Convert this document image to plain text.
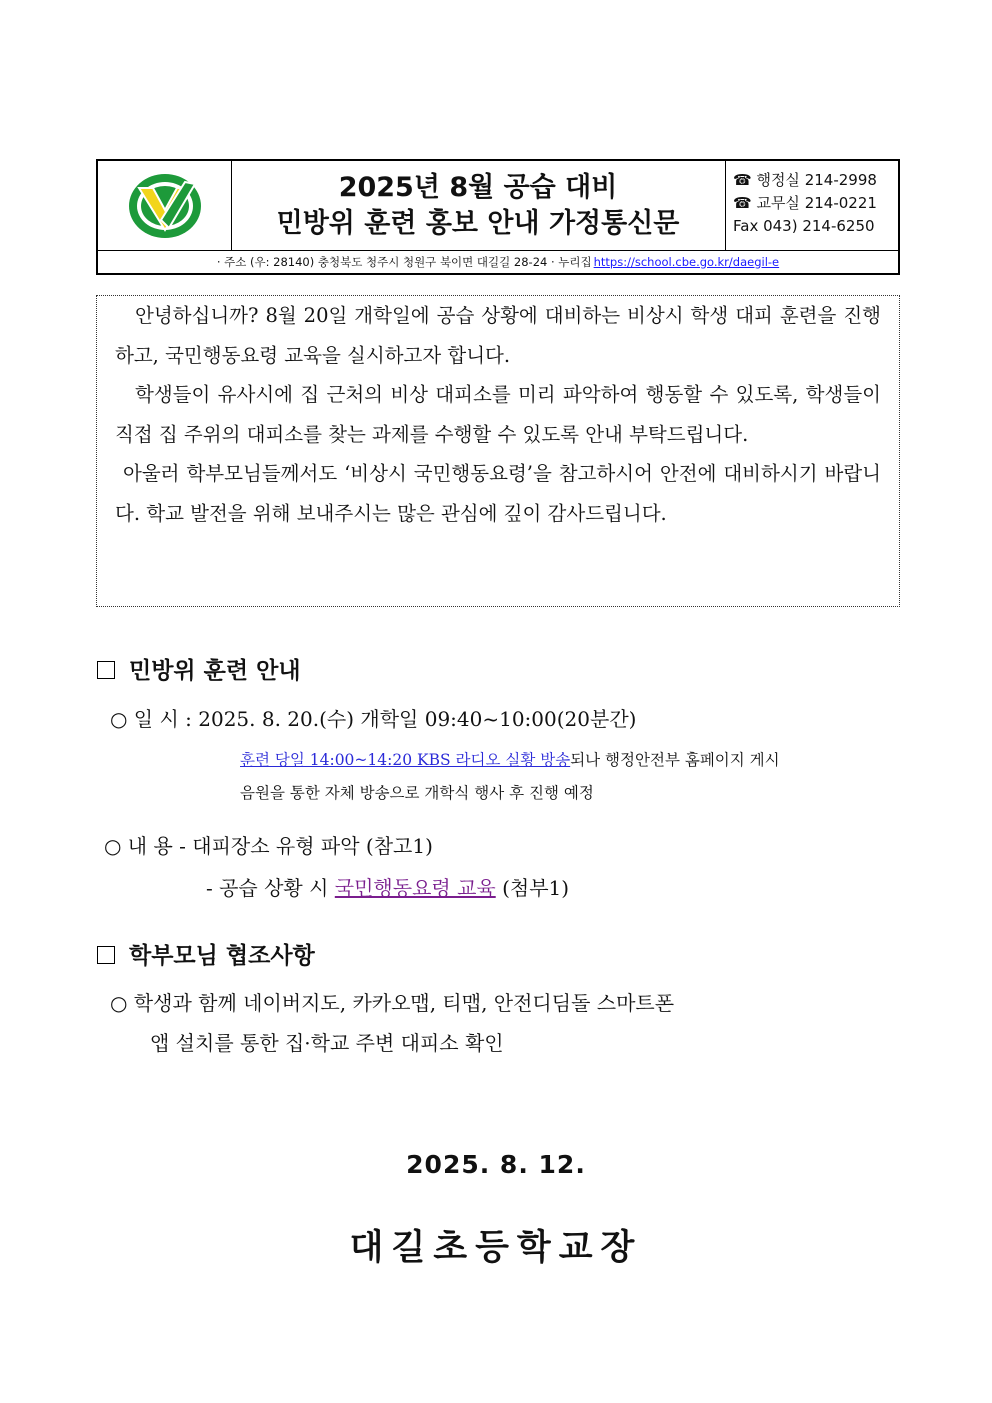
2025년 8월 공습 대비
민방위 훈련 홍보 안내 가정통신문
☎ 행정실 214-2998
☎ 교무실 214-0221
Fax 043) 214-6250
· 주소 (우: 28140) 충청북도 청주시 청원구 북이면 대길길 28-24 · 누리집 https://school.cbe.go.kr/daegil-e

안녕하십니까? 8월 20일 개학일에 공습 상황에 대비하는 비상시 학생 대피 훈련을 진행하고, 국민행동요령 교육을 실시하고자 합니다.

학생들이 유사시에 집 근처의 비상 대피소를 미리 파악하여 행동할 수 있도록, 학생들이 직접 집 주위의 대피소를 찾는 과제를 수행할 수 있도록 안내 부탁드립니다.

아울러 학부모님들께서도 ‘비상시 국민행동요령’을 참고하시어 안전에 대비하시기 바랍니다. 학교 발전을 위해 보내주시는 많은 관심에 깊이 감사드립니다.

민방위 훈련 안내
○ 일 시 : 2025. 8. 20.(수) 개학일 09:40~10:00(20분간)
훈련 당일 14:00~14:20 KBS 라디오 실황 방송되나 행정안전부 홈페이지 게시
음원을 통한 자체 방송으로 개학식 행사 후 진행 예정
○ 내 용 - 대피장소 유형 파악 (참고1)
- 공습 상황 시 국민행동요령 교육 (첨부1)
학부모님 협조사항
○ 학생과 함께 네이버지도, 카카오맵, 티맵, 안전디딤돌 스마트폰
앱 설치를 통한 집·학교 주변 대피소 확인
2025. 8. 12.
대길초등학교장
